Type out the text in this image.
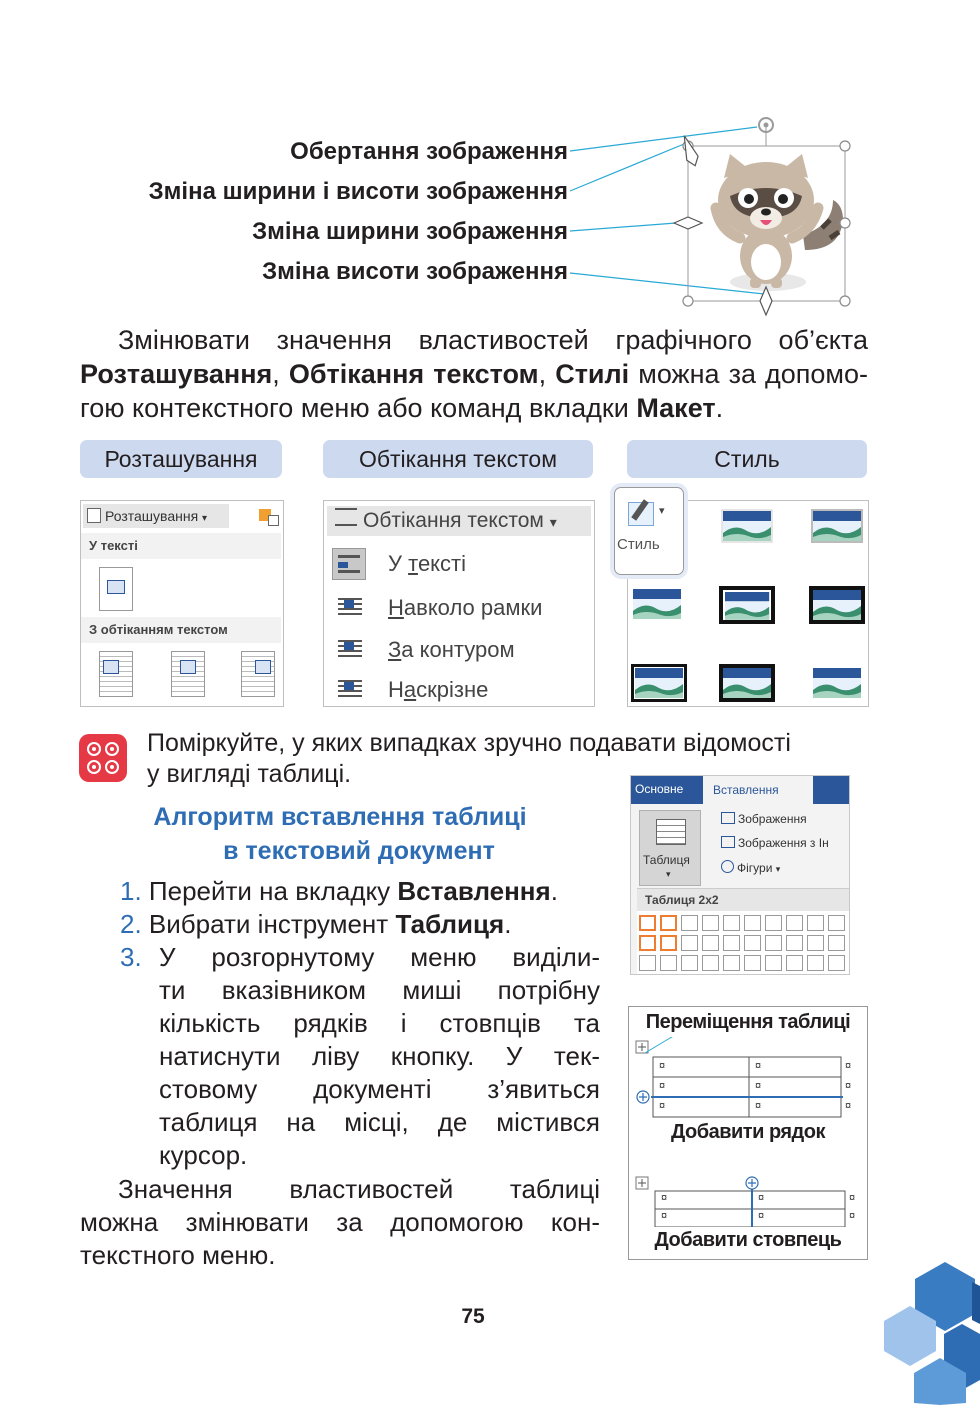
Обертання зображення
Зміна ширини і висоти зображення
Зміна ширини зображення
Зміна висоти зображення
Змінювати значення властивостей графічного об’єкта
Розташування, Обтікання текстом, Стилі можна за допомо-
гою контекстного меню або команд вкладки Макет.
Розташування	Обтікання текстом	Стиль
Розташування ▾
У тексті
З обтіканням текстом
Обтікання текстом ▾
У тексті
Навколо рамки
За контуром
Наскрізне
▾
Стиль
Поміркуйте, у яких випадках зручно подавати відомості
у вигляді таблиці.
Алгоритм вставлення таблиці
в текстовий документ
1. Перейти на вкладку Вставлення.
2. Вибрати інструмент Таблиця.
3. У розгорнутому меню виділи-
ти вказівником миші потрібну
кількість рядків і стовпців та
натиснути ліву кнопку. У тек-
стовому документі з’явиться
таблиця на місці, де містився
курсор.
Значення властивостей таблиці
можна змінювати за допомогою кон-
текстного меню.
Основне	Вставлення
Таблиця
▾
Зображення
Зображення з Ін
Фігури ▾
Таблиця 2x2
Переміщення таблиці
¤	¤	¤
¤	¤	¤
¤	¤	¤
Добавити рядок
¤	¤	¤
¤	¤	¤
Добавити стовпець
75
